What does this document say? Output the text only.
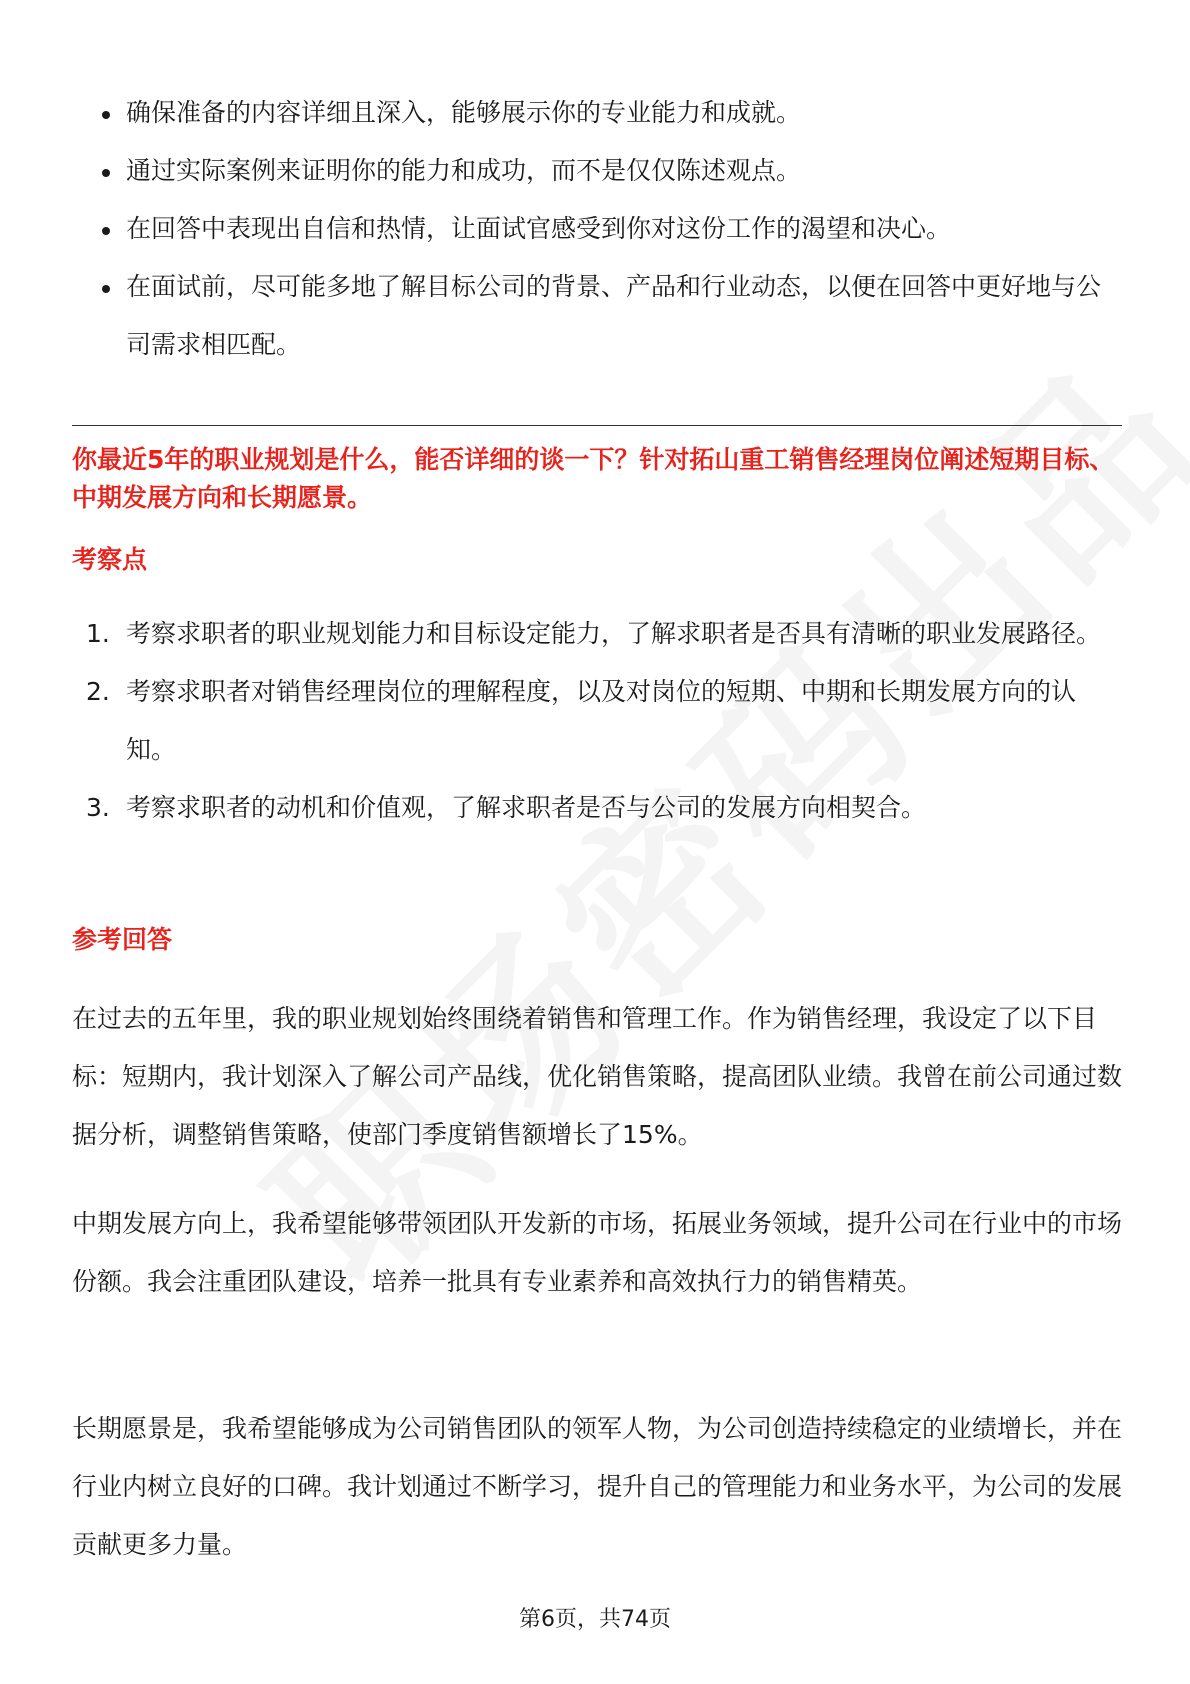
确保准备的内容详细且深入，能够展示你的专业能力和成就。
通过实际案例来证明你的能力和成功，而不是仅仅陈述观点。
在回答中表现出自信和热情，让面试官感受到你对这份工作的渴望和决心。
在面试前，尽可能多地了解目标公司的背景、产品和行业动态，以便在回答中更好地与公司需求相匹配。
你最近5年的职业规划是什么，能否详细的谈一下？针对拓山重工销售经理岗位阐述短期目标、中期发展方向和长期愿景。
考察点
1. 考察求职者的职业规划能力和目标设定能力，了解求职者是否具有清晰的职业发展路径。
2. 考察求职者对销售经理岗位的理解程度，以及对岗位的短期、中期和长期发展方向的认知。
3. 考察求职者的动机和价值观，了解求职者是否与公司的发展方向相契合。
参考回答

在过去的五年里，我的职业规划始终围绕着销售和管理工作。作为销售经理，我设定了以下目标：短期内，我计划深入了解公司产品线，优化销售策略，提高团队业绩。我曾在前公司通过数据分析，调整销售策略，使部门季度销售额增长了15%。

中期发展方向上，我希望能够带领团队开发新的市场，拓展业务领域，提升公司在行业中的市场份额。我会注重团队建设，培养一批具有专业素养和高效执行力的销售精英。

长期愿景是，我希望能够成为公司销售团队的领军人物，为公司创造持续稳定的业绩增长，并在行业内树立良好的口碑。我计划通过不断学习，提升自己的管理能力和业务水平，为公司的发展贡献更多力量。

第6页，共74页
